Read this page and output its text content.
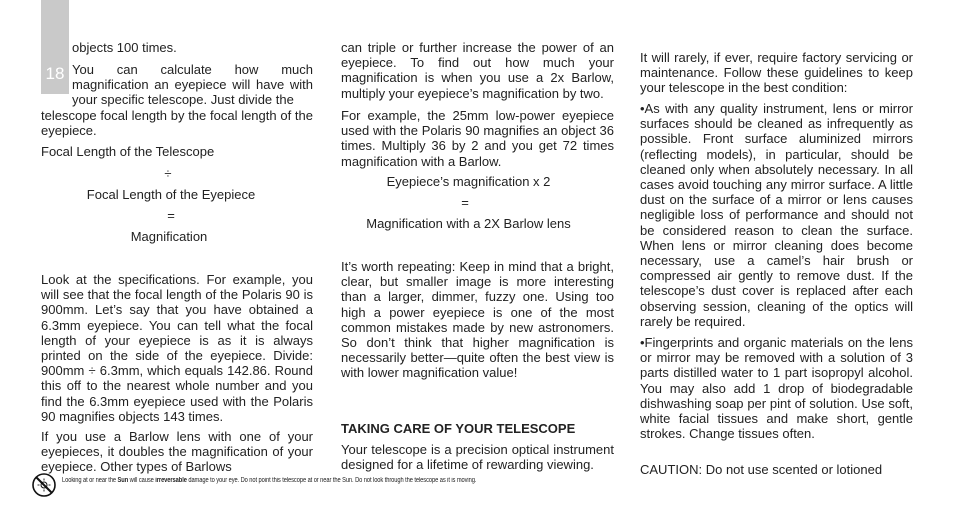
18

objects 100 times.

You can calculate how much magnification an eyepiece will have with your specific telescope. Just divide the

telescope focal length by the focal length of the eyepiece.

Focal Length of the Telescope

÷

Focal Length of the Eyepiece

=

Magnification

Look at the specifications. For example, you will see that the focal length of the Polaris 90 is 900mm. Let’s say that you have obtained a 6.3mm eyepiece. You can tell what the focal length of your eyepiece is as it is always printed on the side of the eyepiece. Divide: 900mm ÷ 6.3mm, which equals 142.86. Round this off to the nearest whole number and you find the 6.3mm eyepiece used with the Polaris 90 magnifies objects 143 times.

If you use a Barlow lens with one of your eyepieces, it doubles the magnification of your eyepiece. Other types of Barlows

can triple or further increase the power of an eyepiece. To find out how much your magnification is when you use a 2x Barlow, multiply your eyepiece’s magnification by two.

For example, the 25mm low-power eyepiece used with the Polaris 90 magnifies an object 36 times. Multiply 36 by 2 and you get 72 times magnification with a Barlow.

Eyepiece’s magnification x 2

=

Magnification with a 2X Barlow lens

It’s worth repeating: Keep in mind that a bright, clear, but smaller image is more interesting than a larger, dimmer, fuzzy one. Using too high a power eyepiece is one of the most common mistakes made by new astronomers. So don’t think that higher magnification is necessarily better—quite often the best view is with lower magnification value!

TAKING CARE OF YOUR TELESCOPE

Your telescope is a precision optical instrument designed for a lifetime of rewarding viewing.

It will rarely, if ever, require factory servicing or maintenance. Follow these guidelines to keep your telescope in the best condition:

•As with any quality instrument, lens or mirror surfaces should be cleaned as infrequently as possible. Front surface aluminized mirrors (reflecting models), in particular, should be cleaned only when absolutely necessary. In all cases avoid touching any mirror surface. A little dust on the surface of a mirror or lens causes negligible loss of performance and should not be considered reason to clean the surface. When lens or mirror cleaning does become necessary, use a camel’s hair brush or compressed air gently to remove dust. If the telescope’s dust cover is replaced after each observing session, cleaning of the optics will rarely be required.

•Fingerprints and organic materials on the lens or mirror may be removed with a solution of 3 parts distilled water to 1 part isopropyl alcohol. You may also add 1 drop of biodegradable dishwashing soap per pint of solution. Use soft, white facial tissues and make short, gentle strokes. Change tissues often.

CAUTION: Do not use scented or lotioned

Looking at or near the Sun will cause irreversable damage to your eye. Do not point this telescope at or near the Sun. Do not look through the telescope as it is moving.
